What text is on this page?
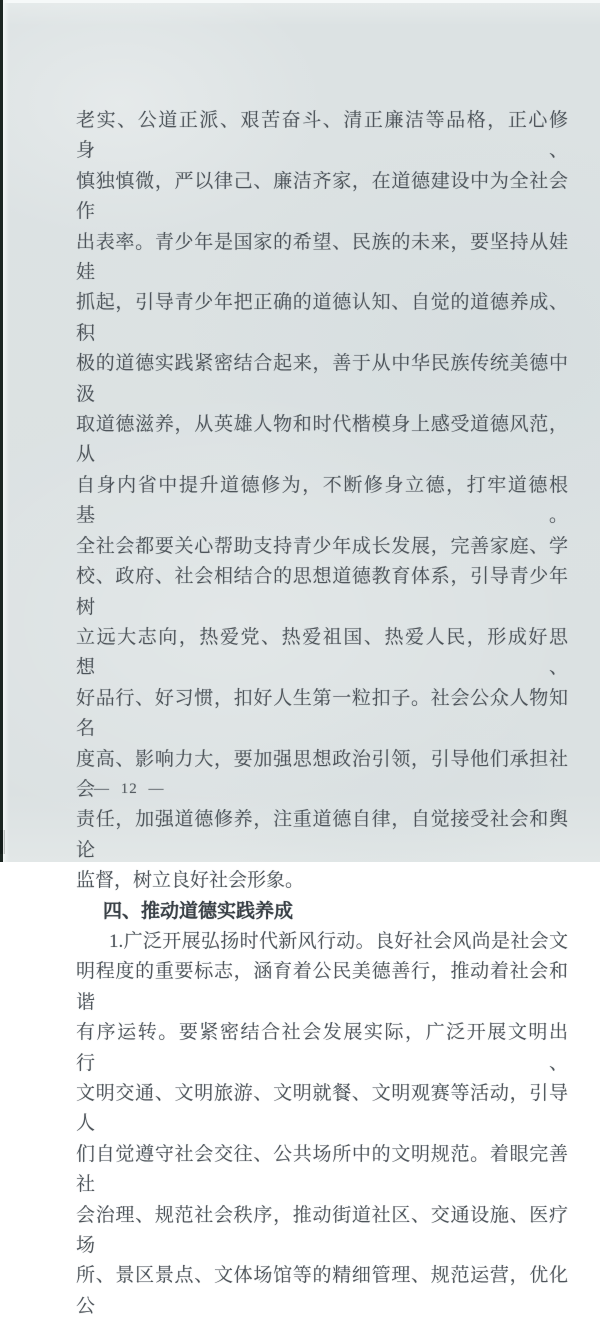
老实、公道正派、艰苦奋斗、清正廉洁等品格，正心修身、
慎独慎微，严以律己、廉洁齐家，在道德建设中为全社会作
出表率。青少年是国家的希望、民族的未来，要坚持从娃娃
抓起，引导青少年把正确的道德认知、自觉的道德养成、积
极的道德实践紧密结合起来，善于从中华民族传统美德中汲
取道德滋养，从英雄人物和时代楷模身上感受道德风范，从
自身内省中提升道德修为，不断修身立德，打牢道德根基。
全社会都要关心帮助支持青少年成长发展，完善家庭、学
校、政府、社会相结合的思想道德教育体系，引导青少年树
立远大志向，热爱党、热爱祖国、热爱人民，形成好思想、
好品行、好习惯，扣好人生第一粒扣子。社会公众人物知名
度高、影响力大，要加强思想政治引领，引导他们承担社会
责任，加强道德修养，注重道德自律，自觉接受社会和舆论
监督，树立良好社会形象。
四、推动道德实践养成
1.广泛开展弘扬时代新风行动。良好社会风尚是社会文
明程度的重要标志，涵育着公民美德善行，推动着社会和谐
有序运转。要紧密结合社会发展实际，广泛开展文明出行、
文明交通、文明旅游、文明就餐、文明观赛等活动，引导人
们自觉遵守社会交往、公共场所中的文明规范。着眼完善社
会治理、规范社会秩序，推动街道社区、交通设施、医疗场
所、景区景点、文体场馆等的精细管理、规范运营，优化公
— 12 —
